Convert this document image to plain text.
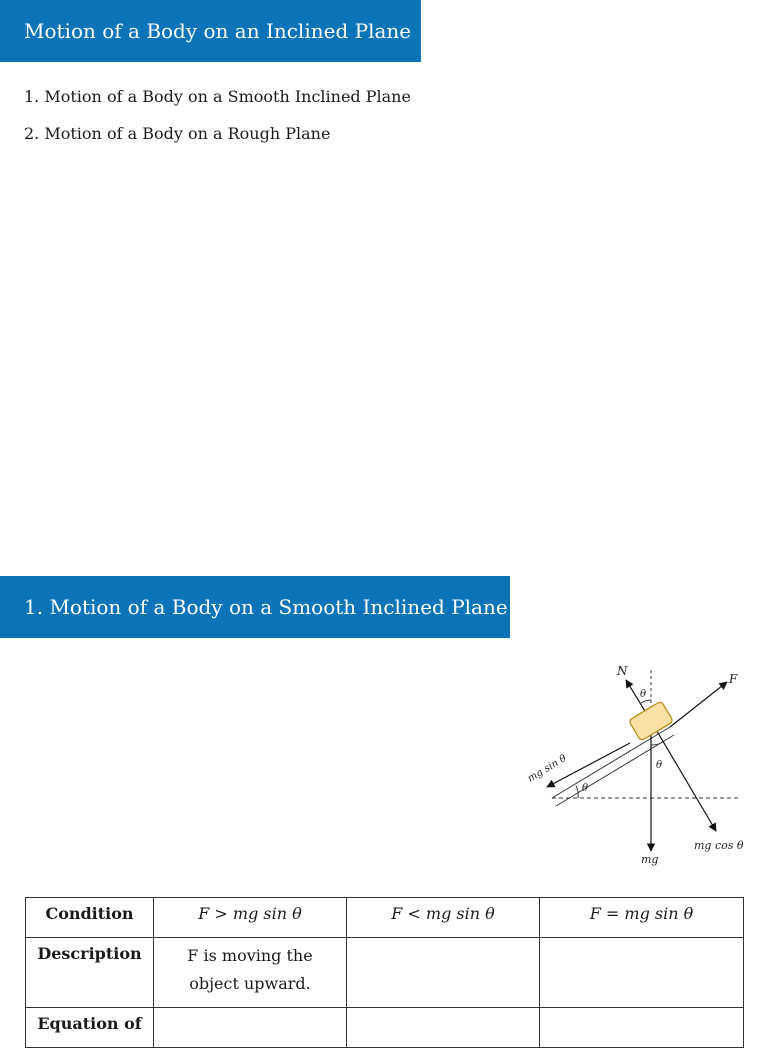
Motion of a Body on an Inclined Plane
1. Motion of a Body on a Smooth Inclined Plane
2. Motion of a Body on a Rough Plane
1. Motion of a Body on a Smooth Inclined Plane
N
F
θ
θ
θ
mg sin θ
mg
mg cos θ
Condition	F > mg sin θ	F < mg sin θ	F = mg sin θ
Description	F is moving the object upward.		
Equation of			
